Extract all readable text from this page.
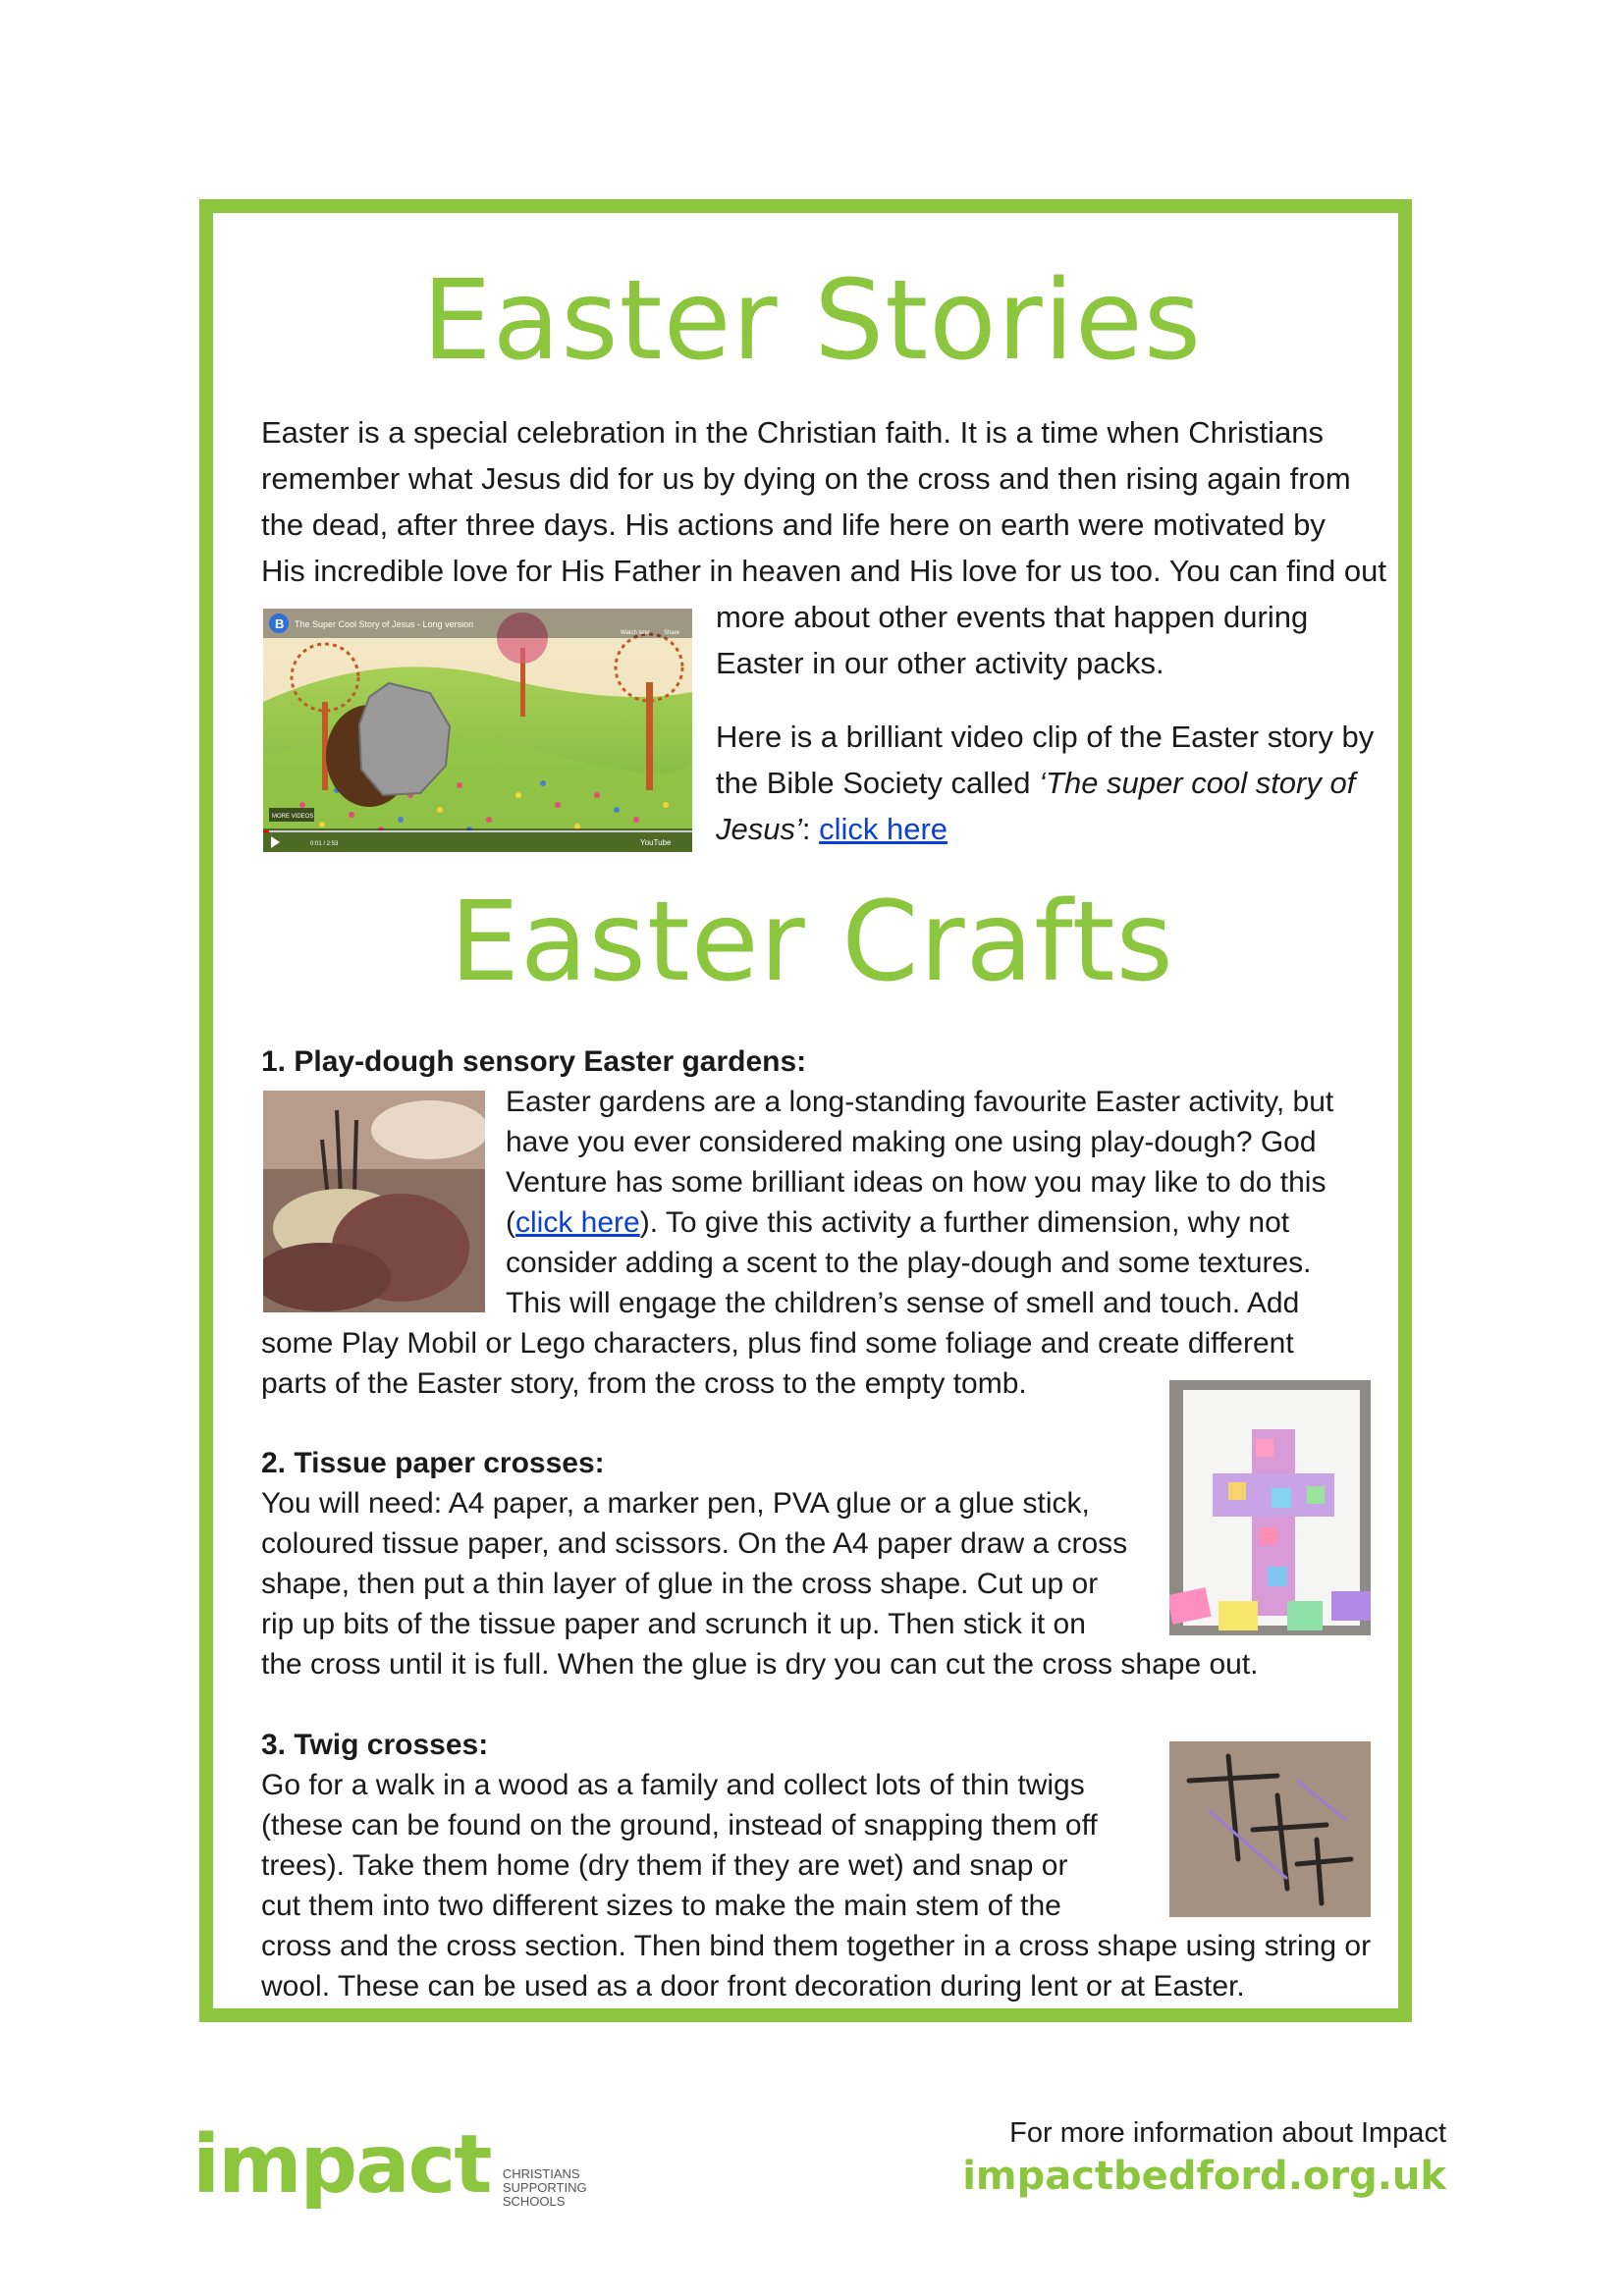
Easter Stories

Easter is a special celebration in the Christian faith. It is a time when Christians

remember what Jesus did for us by dying on the cross and then rising again from

the dead, after three days. His actions and life here on earth were motivated by

His incredible love for His Father in heaven and His love for us too. You can find out

B The Super Cool Story of Jesus - Long version
Watch later Share
MORE VIDEOS
0:01 / 2:53	YouTube

more about other events that happen during

Easter in our other activity packs.

Here is a brilliant video clip of the Easter story by

the Bible Society called ‘The super cool story of

Jesus’: click here

Easter Crafts
1. Play-dough sensory Easter gardens:
Easter gardens are a long-standing favourite Easter activity, but
have you ever considered making one using play-dough? God
Venture has some brilliant ideas on how you may like to do this
(click here). To give this activity a further dimension, why not
consider adding a scent to the play-dough and some textures.
This will engage the children’s sense of smell and touch. Add
some Play Mobil or Lego characters, plus find some foliage and create different
parts of the Easter story, from the cross to the empty tomb.
2. Tissue paper crosses:
You will need: A4 paper, a marker pen, PVA glue or a glue stick,
coloured tissue paper, and scissors. On the A4 paper draw a cross
shape, then put a thin layer of glue in the cross shape. Cut up or
rip up bits of the tissue paper and scrunch it up. Then stick it on
the cross until it is full. When the glue is dry you can cut the cross shape out.
3. Twig crosses:
Go for a walk in a wood as a family and collect lots of thin twigs
(these can be found on the ground, instead of snapping them off
trees). Take them home (dry them if they are wet) and snap or
cut them into two different sizes to make the main stem of the
cross and the cross section. Then bind them together in a cross shape using string or
wool. These can be used as a door front decoration during lent or at Easter.
impact CHRISTIANS
SUPPORTING
SCHOOLS
For more information about Impact
impactbedford.org.uk
